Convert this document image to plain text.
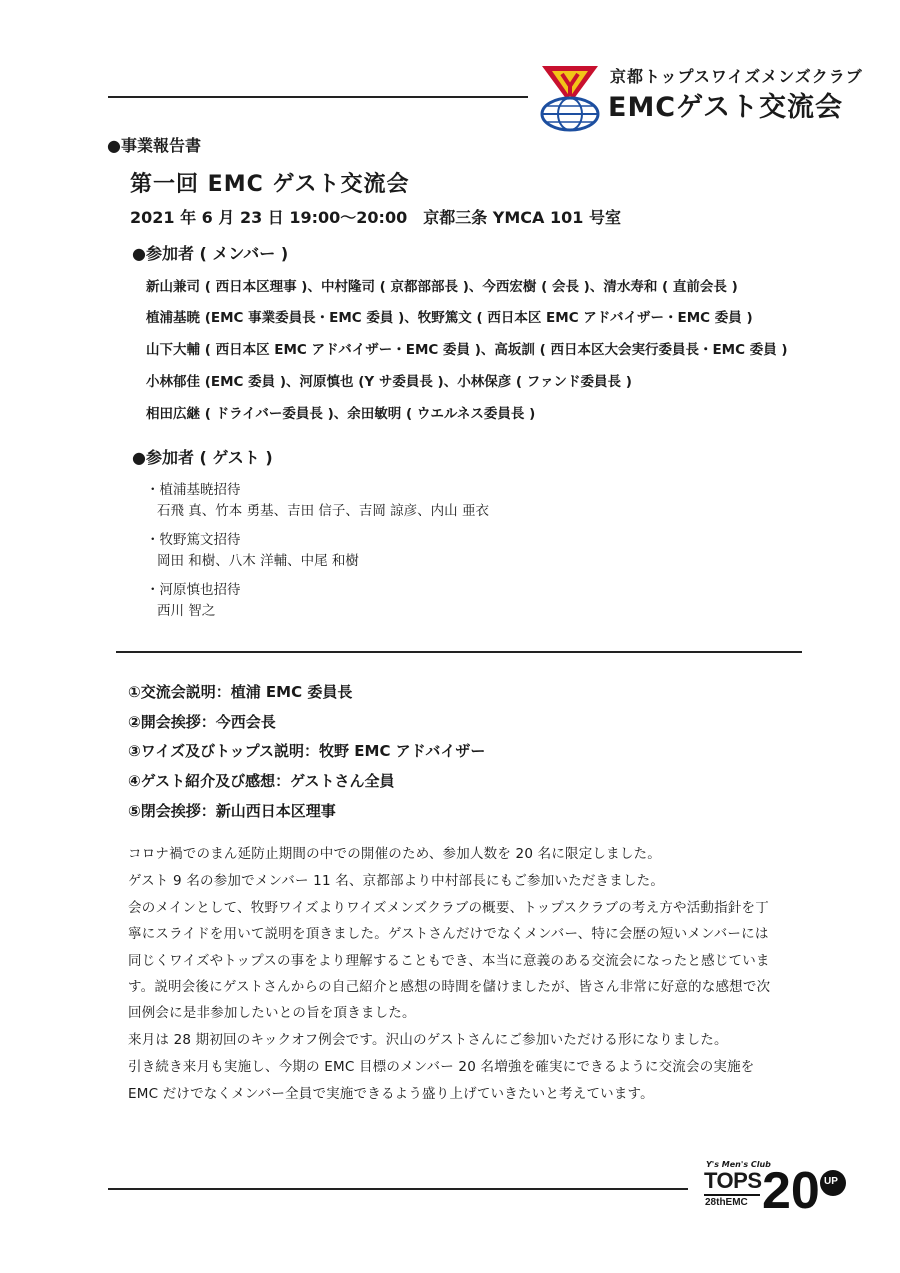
京都トップスワイズメンズクラブ
EMCゲスト交流会
●事業報告書
第一回 EMC ゲスト交流会
2021 年 6 月 23 日 19:00〜20:00　京都三条 YMCA 101 号室
●参加者 ( メンバー )
新山兼司 ( 西日本区理事 )、中村隆司 ( 京都部部長 )、今西宏樹 ( 会長 )、清水寿和 ( 直前会長 )
植浦基暁 (EMC 事業委員長・EMC 委員 )、牧野篤文 ( 西日本区 EMC アドバイザー・EMC 委員 )
山下大輔 ( 西日本区 EMC アドバイザー・EMC 委員 )、高坂訓 ( 西日本区大会実行委員長・EMC 委員 )
小林郁佳 (EMC 委員 )、河原慎也 (Y サ委員長 )、小林保彦 ( ファンド委員長 )
相田広継 ( ドライバー委員長 )、余田敏明 ( ウエルネス委員長 )
●参加者 ( ゲスト )
・植浦基暁招待
石飛 真、竹本 勇基、吉田 信子、吉岡 諒彦、内山 亜衣
・牧野篤文招待
岡田 和樹、八木 洋輔、中尾 和樹
・河原慎也招待
西川 智之
①交流会説明：植浦 EMC 委員長
②開会挨拶：今西会長
③ワイズ及びトップス説明：牧野 EMC アドバイザー
④ゲスト紹介及び感想：ゲストさん全員
⑤閉会挨拶：新山西日本区理事
コロナ禍でのまん延防止期間の中での開催のため、参加人数を 20 名に限定しました。
ゲスト 9 名の参加でメンバー 11 名、京都部より中村部長にもご参加いただきました。
会のメインとして、牧野ワイズよりワイズメンズクラブの概要、トップスクラブの考え方や活動指針を丁
寧にスライドを用いて説明を頂きました。ゲストさんだけでなくメンバー、特に会歴の短いメンバーには
同じくワイズやトップスの事をより理解することもでき、本当に意義のある交流会になったと感じていま
す。説明会後にゲストさんからの自己紹介と感想の時間を儲けましたが、皆さん非常に好意的な感想で次
回例会に是非参加したいとの旨を頂きました。
来月は 28 期初回のキックオフ例会です。沢山のゲストさんにご参加いただける形になりました。
引き続き来月も実施し、今期の EMC 目標のメンバー 20 名増強を確実にできるように交流会の実施を
EMC だけでなくメンバー全員で実施できるよう盛り上げていきたいと考えています。
Y's Men's Club
TOPS
28thEMC 20 UP
